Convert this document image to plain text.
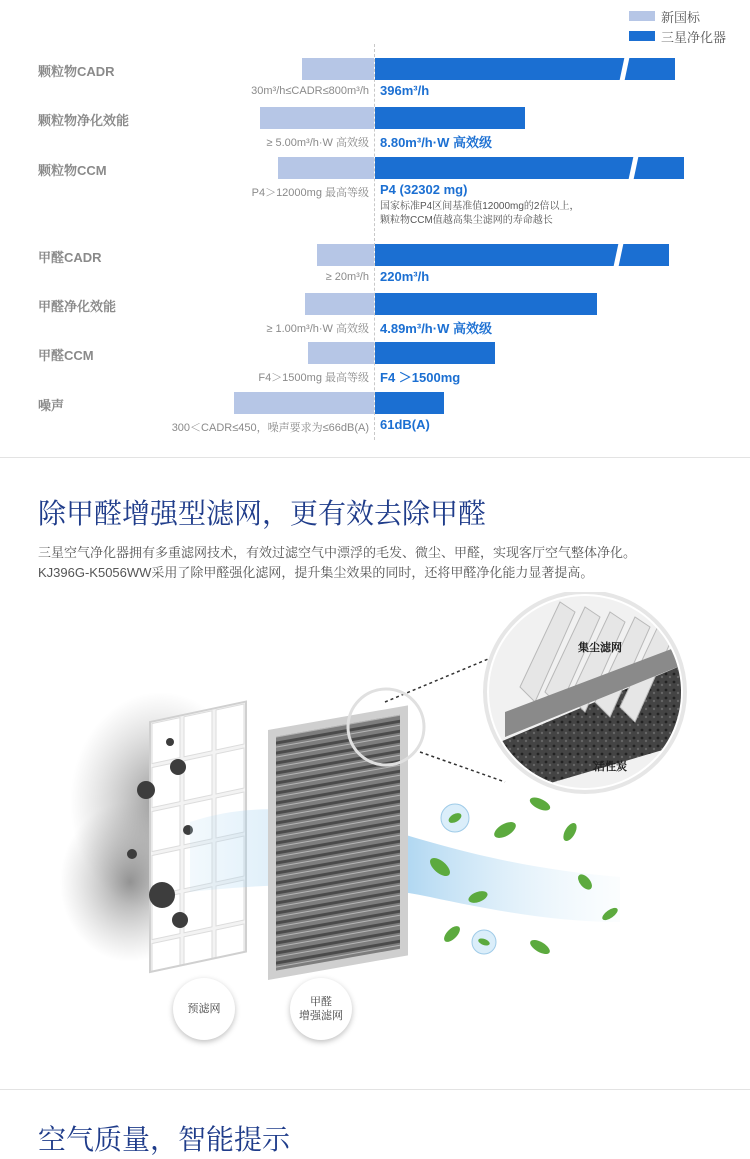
新国标
三星净化器
颗粒物CADR
30m³/h≤CADR≤800m³/h 396m³/h
颗粒物净化效能
≥ 5.00m³/h·W 高效级 8.80m³/h·W 高效级
颗粒物CCM
P4＞12000mg 最高等级 P4 (32302 mg)
国家标准P4区间基准值12000mg的2倍以上，
颗粒物CCM值越高集尘滤网的寿命越长
甲醛CADR
≥ 20m³/h 220m³/h
甲醛净化效能
≥ 1.00m³/h·W 高效级 4.89m³/h·W 高效级
甲醛CCM
F4＞1500mg 最高等级 F4 ＞1500mg
噪声
300＜CADR≤450，噪声要求为≤66dB(A) 61dB(A)
除甲醛增强型滤网，更有效去除甲醛
三星空气净化器拥有多重滤网技术，有效过滤空气中漂浮的毛发、微尘、甲醛，实现客厅空气整体净化。
KJ396G-K5056WW采用了除甲醛强化滤网，提升集尘效果的同时，还将甲醛净化能力显著提高。
集尘滤网
活性炭
预滤网
甲醛
增强滤网
空气质量，智能提示
